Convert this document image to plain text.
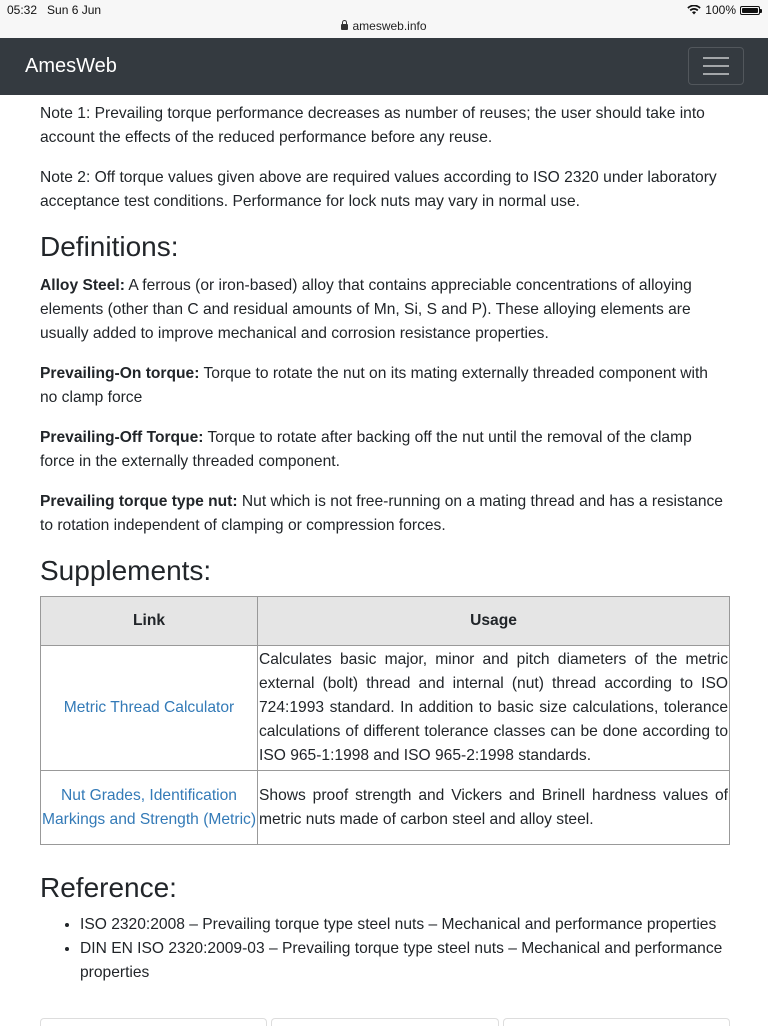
05:32 Sun 6 Jun	100%
amesweb.info
AmesWeb

Note 1: Prevailing torque performance decreases as number of reuses; the user should take into account the effects of the reduced performance before any reuse.

Note 2: Off torque values given above are required values according to ISO 2320 under laboratory acceptance test conditions. Performance for lock nuts may vary in normal use.

Definitions:

Alloy Steel: A ferrous (or iron-based) alloy that contains appreciable concentrations of alloying elements (other than C and residual amounts of Mn, Si, S and P). These alloying elements are usually added to improve mechanical and corrosion resistance properties.

Prevailing-On torque: Torque to rotate the nut on its mating externally threaded component with no clamp force

Prevailing-Off Torque: Torque to rotate after backing off the nut until the removal of the clamp force in the externally threaded component.

Prevailing torque type nut: Nut which is not free-running on a mating thread and has a resistance to rotation independent of clamping or compression forces.

Supplements:
Link	Usage
Metric Thread Calculator	Calculates basic major, minor and pitch diameters of the metric external (bolt) thread and internal (nut) thread according to ISO 724:1993 standard. In addition to basic size calculations, tolerance calculations of different tolerance classes can be done according to ISO 965-1:1998 and ISO 965-2:1998 standards.
Nut Grades, Identification Markings and Strength (Metric)	Shows proof strength and Vickers and Brinell hardness values of metric nuts made of carbon steel and alloy steel.
Reference:
• ISO 2320:2008 – Prevailing torque type steel nuts – Mechanical and performance properties
• DIN EN ISO 2320:2009-03 – Prevailing torque type steel nuts – Mechanical and performance properties
